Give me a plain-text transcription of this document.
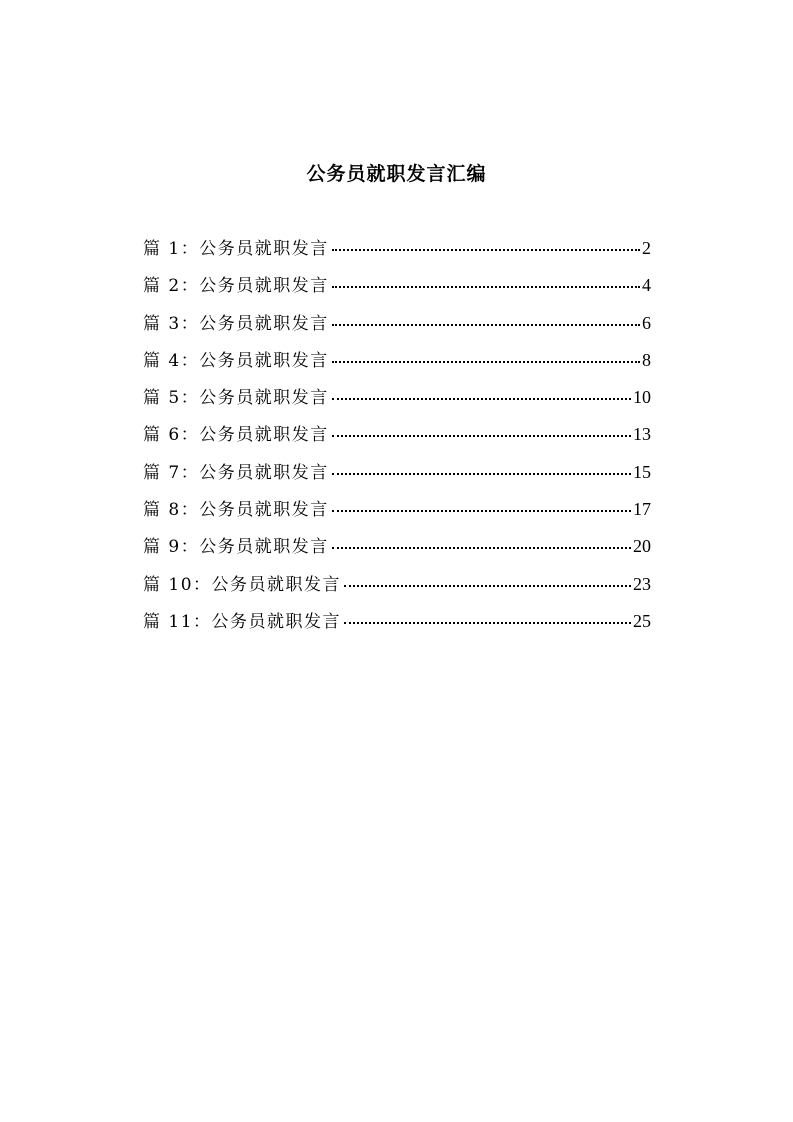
公务员就职发言汇编
篇 1：公务员就职发言	2
篇 2：公务员就职发言	4
篇 3：公务员就职发言	6
篇 4：公务员就职发言	8
篇 5：公务员就职发言	10
篇 6：公务员就职发言	13
篇 7：公务员就职发言	15
篇 8：公务员就职发言	17
篇 9：公务员就职发言	20
篇 10：公务员就职发言	23
篇 11：公务员就职发言	25
